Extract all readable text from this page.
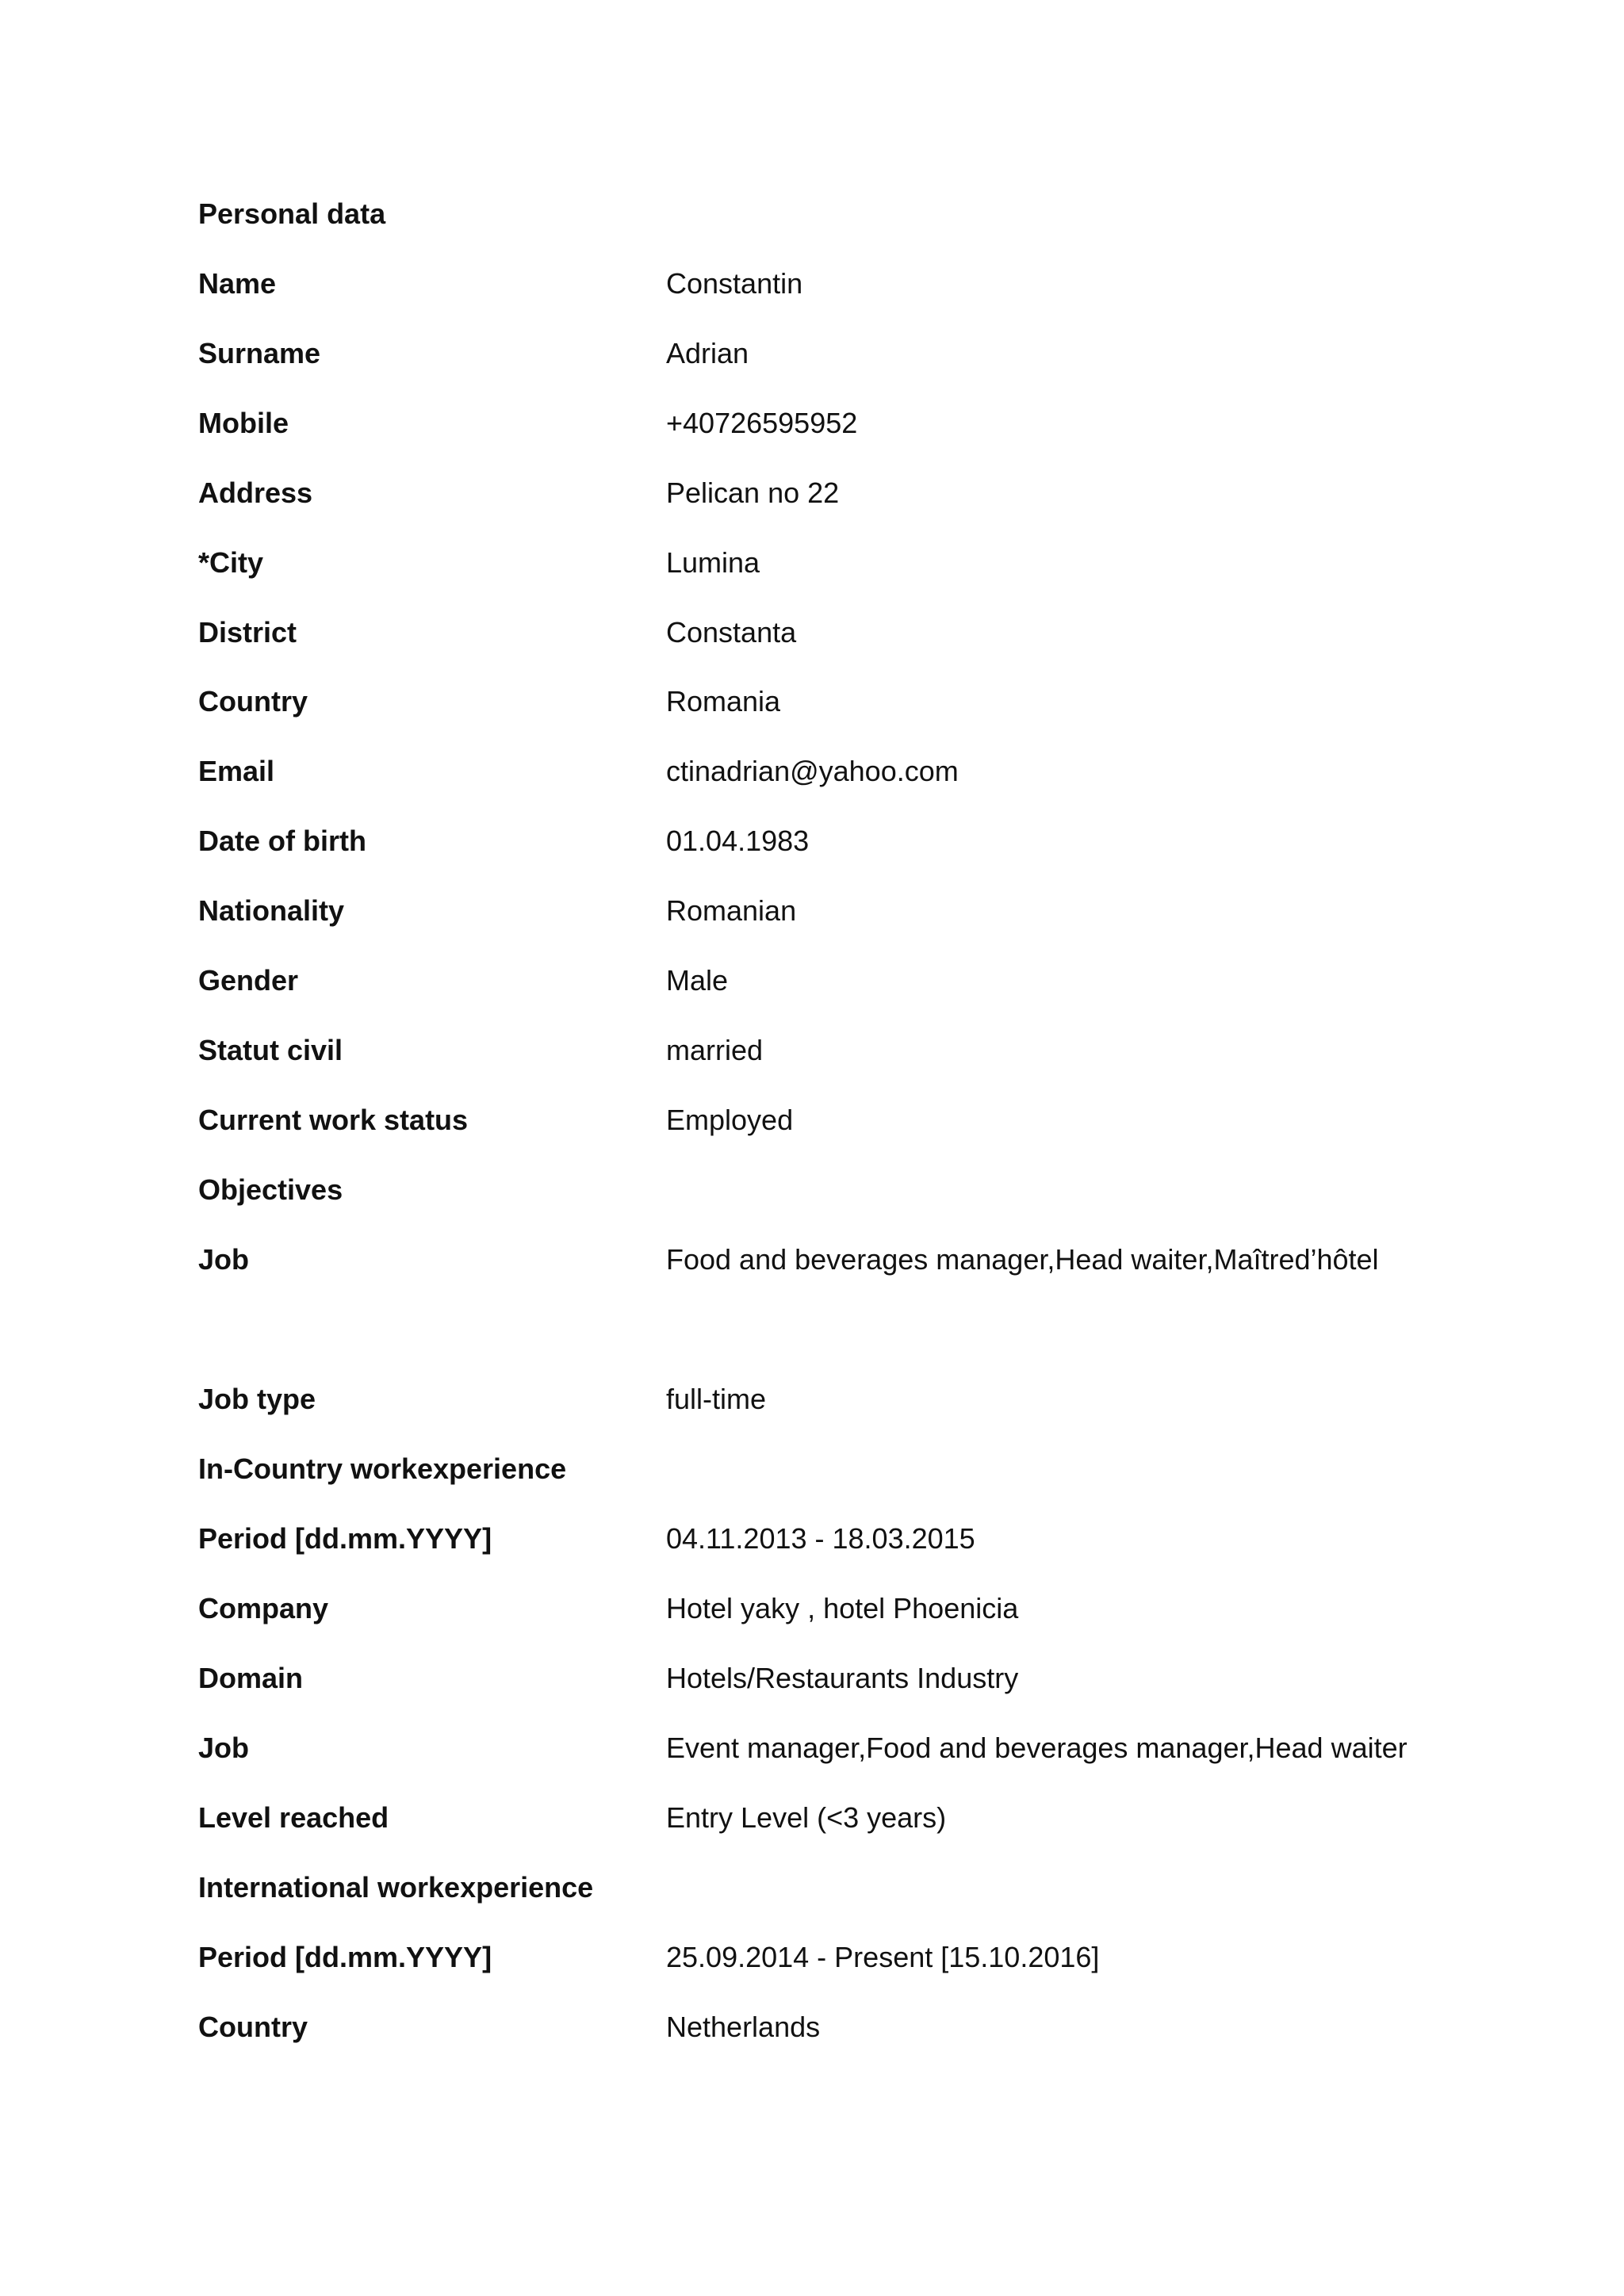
Personal data
Name	Constantin
Surname	Adrian
Mobile	+40726595952
Address	Pelican no 22
*City	Lumina
District	Constanta
Country	Romania
Email	ctinadrian@yahoo.com
Date of birth	01.04.1983
Nationality	Romanian
Gender	Male
Statut civil	married
Current work status	Employed
Objectives
Job	Food and beverages manager,Head waiter,Maîtred’hôtel
Job type	full-time
In-Country workexperience
Period [dd.mm.YYYY]	04.11.2013 - 18.03.2015
Company	Hotel yaky , hotel Phoenicia
Domain	Hotels/Restaurants Industry
Job	Event manager,Food and beverages manager,Head waiter
Level reached	Entry Level (<3 years)
International workexperience
Period [dd.mm.YYYY]	25.09.2014 - Present [15.10.2016]
Country	Netherlands
